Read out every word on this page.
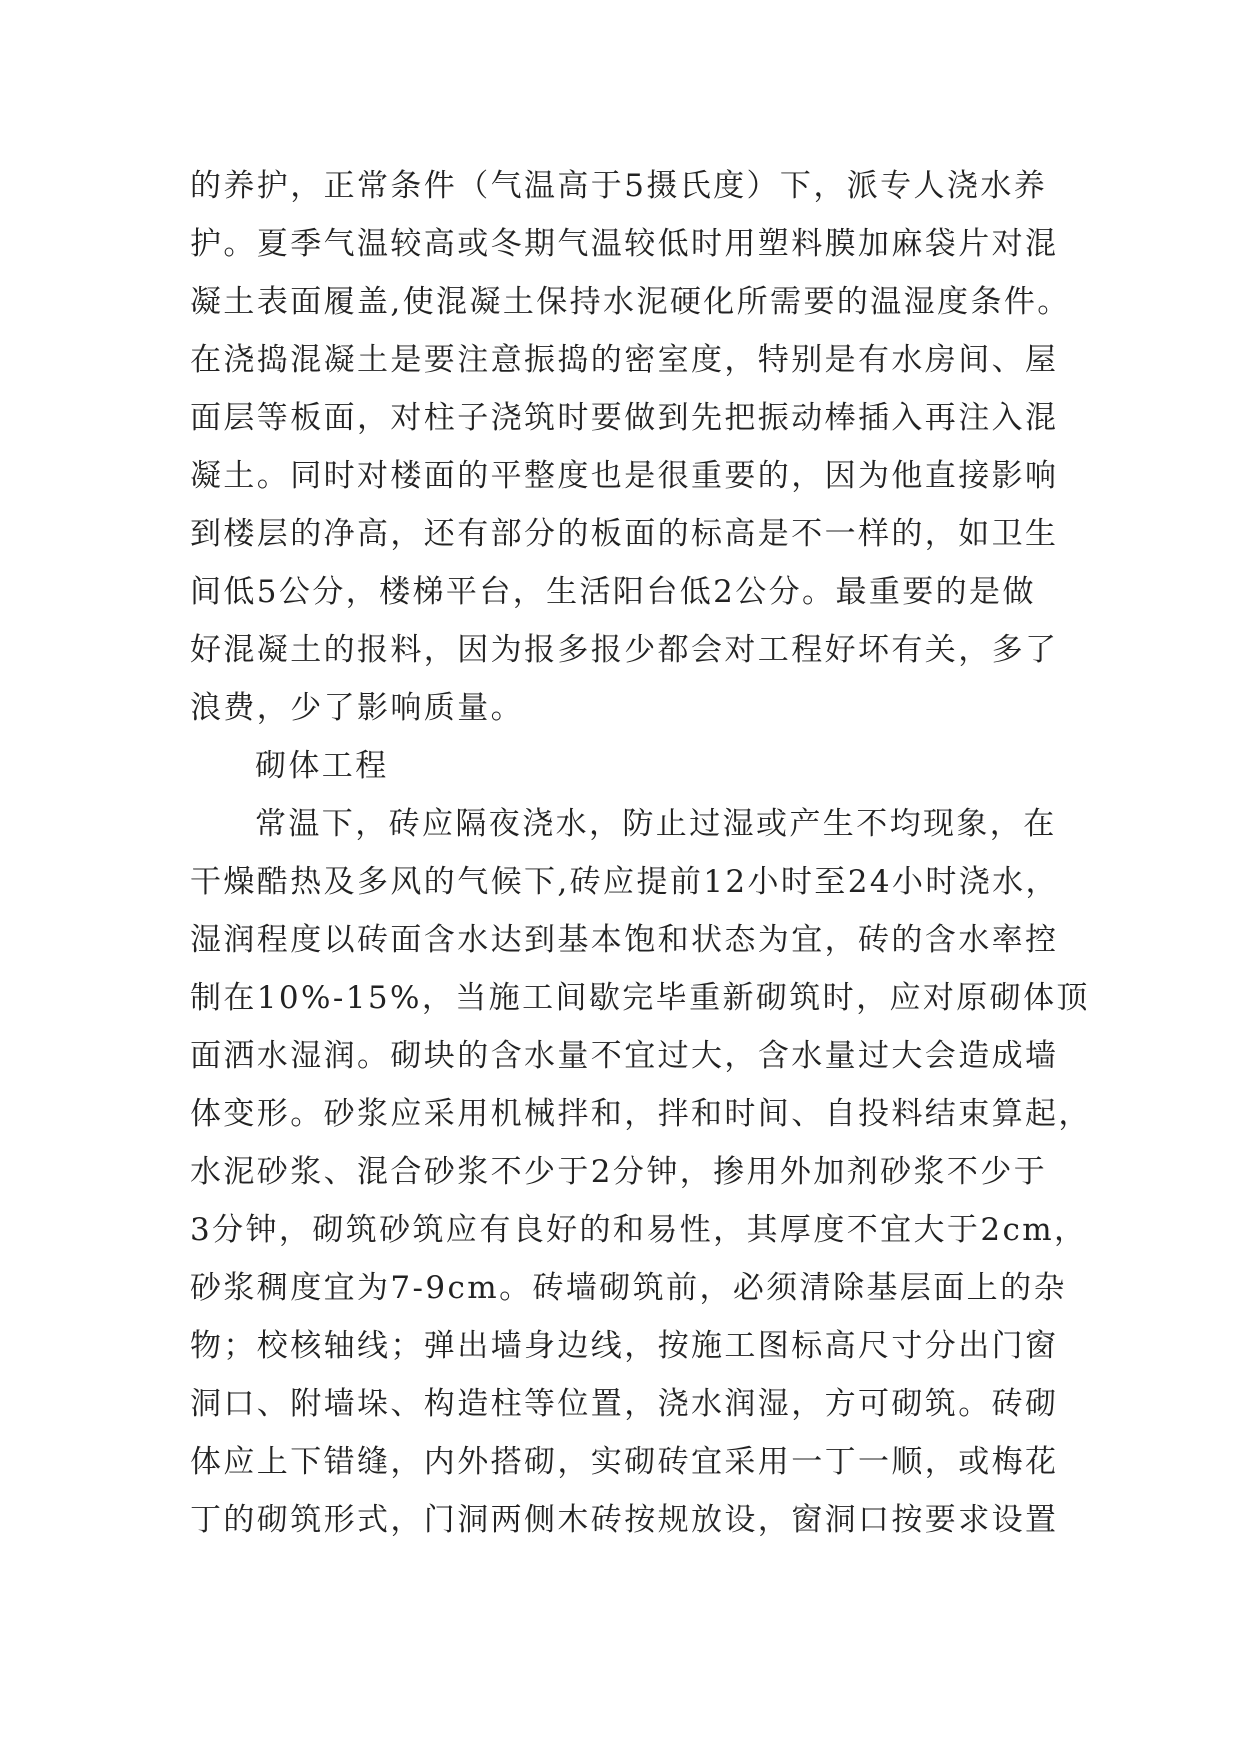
的养护，正常条件（气温高于5摄氏度）下，派专人浇水养
护。夏季气温较高或冬期气温较低时用塑料膜加麻袋片对混
凝土表面履盖,使混凝土保持水泥硬化所需要的温湿度条件。
在浇捣混凝土是要注意振捣的密室度，特别是有水房间、屋
面层等板面，对柱子浇筑时要做到先把振动棒插入再注入混
凝土。同时对楼面的平整度也是很重要的，因为他直接影响
到楼层的净高，还有部分的板面的标高是不一样的，如卫生
间低5公分，楼梯平台，生活阳台低2公分。最重要的是做
好混凝土的报料，因为报多报少都会对工程好坏有关，多了
浪费，少了影响质量。
砌体工程
常温下，砖应隔夜浇水，防止过湿或产生不均现象，在
干燥酷热及多风的气候下,砖应提前12小时至24小时浇水，
湿润程度以砖面含水达到基本饱和状态为宜，砖的含水率控
制在10%-15%，当施工间歇完毕重新砌筑时，应对原砌体顶
面洒水湿润。砌块的含水量不宜过大，含水量过大会造成墙
体变形。砂浆应采用机械拌和，拌和时间、自投料结束算起，
水泥砂浆、混合砂浆不少于2分钟，掺用外加剂砂浆不少于
3分钟，砌筑砂筑应有良好的和易性，其厚度不宜大于2cm，
砂浆稠度宜为7-9cm。砖墙砌筑前，必须清除基层面上的杂
物；校核轴线；弹出墙身边线，按施工图标高尺寸分出门窗
洞口、附墙垛、构造柱等位置，浇水润湿，方可砌筑。砖砌
体应上下错缝，内外搭砌，实砌砖宜采用一丁一顺，或梅花
丁的砌筑形式，门洞两侧木砖按规放设，窗洞口按要求设置
